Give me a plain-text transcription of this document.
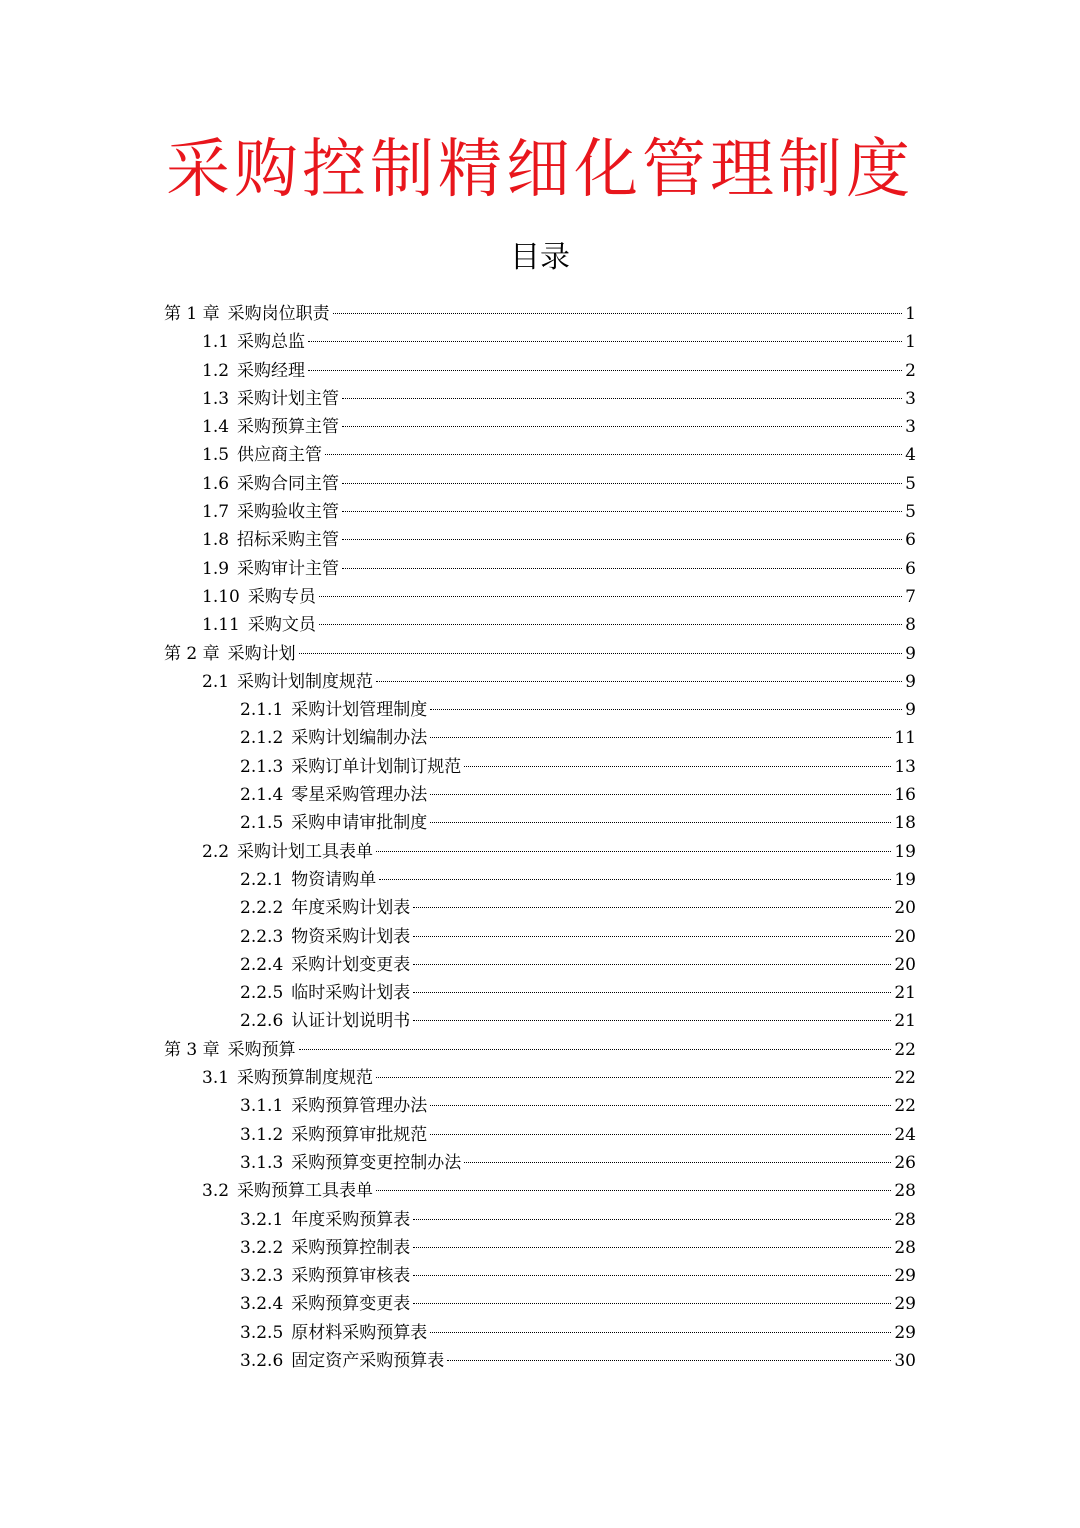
采购控制精细化管理制度
目录
第 1 章 采购岗位职责	1
1.1 采购总监	1
1.2 采购经理	2
1.3 采购计划主管	3
1.4 采购预算主管	3
1.5 供应商主管	4
1.6 采购合同主管	5
1.7 采购验收主管	5
1.8 招标采购主管	6
1.9 采购审计主管	6
1.10 采购专员	7
1.11 采购文员	8
第 2 章 采购计划	9
2.1 采购计划制度规范	9
2.1.1 采购计划管理制度	9
2.1.2 采购计划编制办法	11
2.1.3 采购订单计划制订规范	13
2.1.4 零星采购管理办法	16
2.1.5 采购申请审批制度	18
2.2 采购计划工具表单	19
2.2.1 物资请购单	19
2.2.2 年度采购计划表	20
2.2.3 物资采购计划表	20
2.2.4 采购计划变更表	20
2.2.5 临时采购计划表	21
2.2.6 认证计划说明书	21
第 3 章 采购预算	22
3.1 采购预算制度规范	22
3.1.1 采购预算管理办法	22
3.1.2 采购预算审批规范	24
3.1.3 采购预算变更控制办法	26
3.2 采购预算工具表单	28
3.2.1 年度采购预算表	28
3.2.2 采购预算控制表	28
3.2.3 采购预算审核表	29
3.2.4 采购预算变更表	29
3.2.5 原材料采购预算表	29
3.2.6 固定资产采购预算表	30
